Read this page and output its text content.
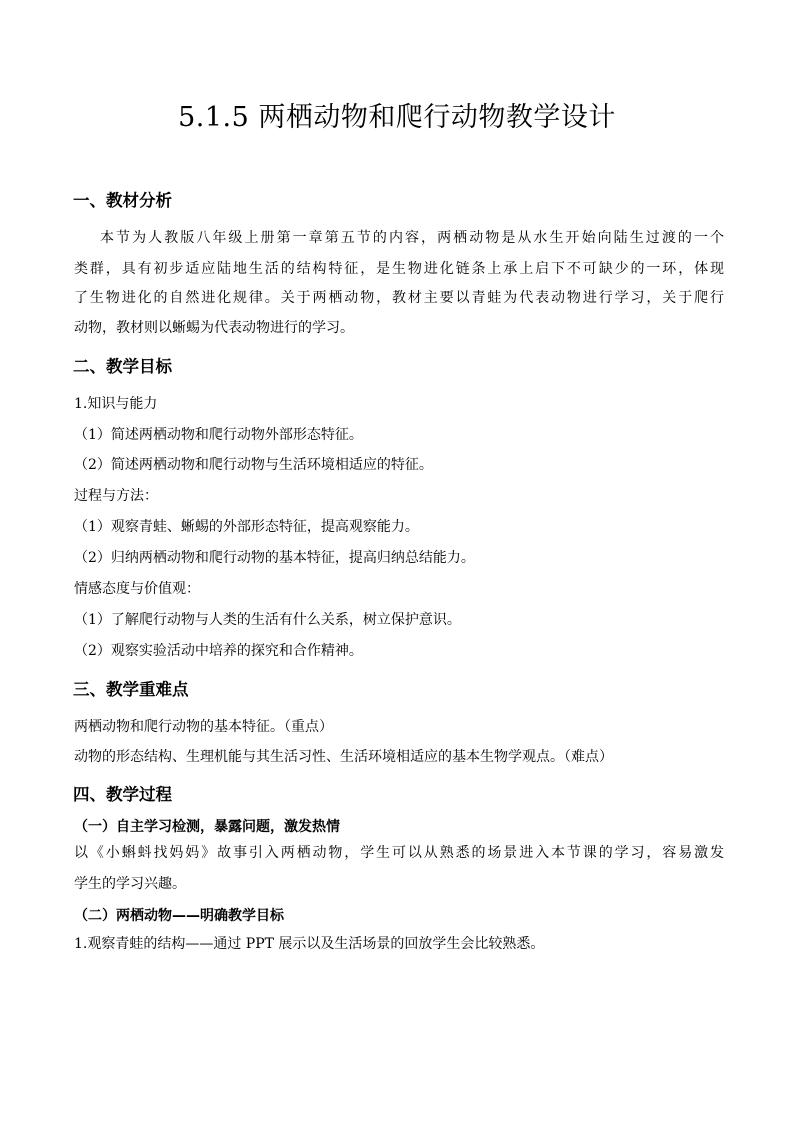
5.1.5 两栖动物和爬行动物教学设计
一、教材分析
本节为人教版八年级上册第一章第五节的内容，两栖动物是从水生开始向陆生过渡的一个
类群，具有初步适应陆地生活的结构特征，是生物进化链条上承上启下不可缺少的一环，体现
了生物进化的自然进化规律。关于两栖动物，教材主要以青蛙为代表动物进行学习，关于爬行
动物，教材则以蜥蜴为代表动物进行的学习。
二、教学目标
1.知识与能力
（1）简述两栖动物和爬行动物外部形态特征。
（2）简述两栖动物和爬行动物与生活环境相适应的特征。
过程与方法：
（1）观察青蛙、蜥蜴的外部形态特征，提高观察能力。
（2）归纳两栖动物和爬行动物的基本特征，提高归纳总结能力。
情感态度与价值观：
（1）了解爬行动物与人类的生活有什么关系，树立保护意识。
（2）观察实验活动中培养的探究和合作精神。
三、教学重难点
两栖动物和爬行动物的基本特征。（重点）
动物的形态结构、生理机能与其生活习性、生活环境相适应的基本生物学观点。（难点）
四、教学过程
（一）自主学习检测，暴露问题，激发热情
以《小蝌蚪找妈妈》故事引入两栖动物，学生可以从熟悉的场景进入本节课的学习，容易激发
学生的学习兴趣。
（二）两栖动物——明确教学目标
1.观察青蛙的结构——通过 PPT 展示以及生活场景的回放学生会比较熟悉。
